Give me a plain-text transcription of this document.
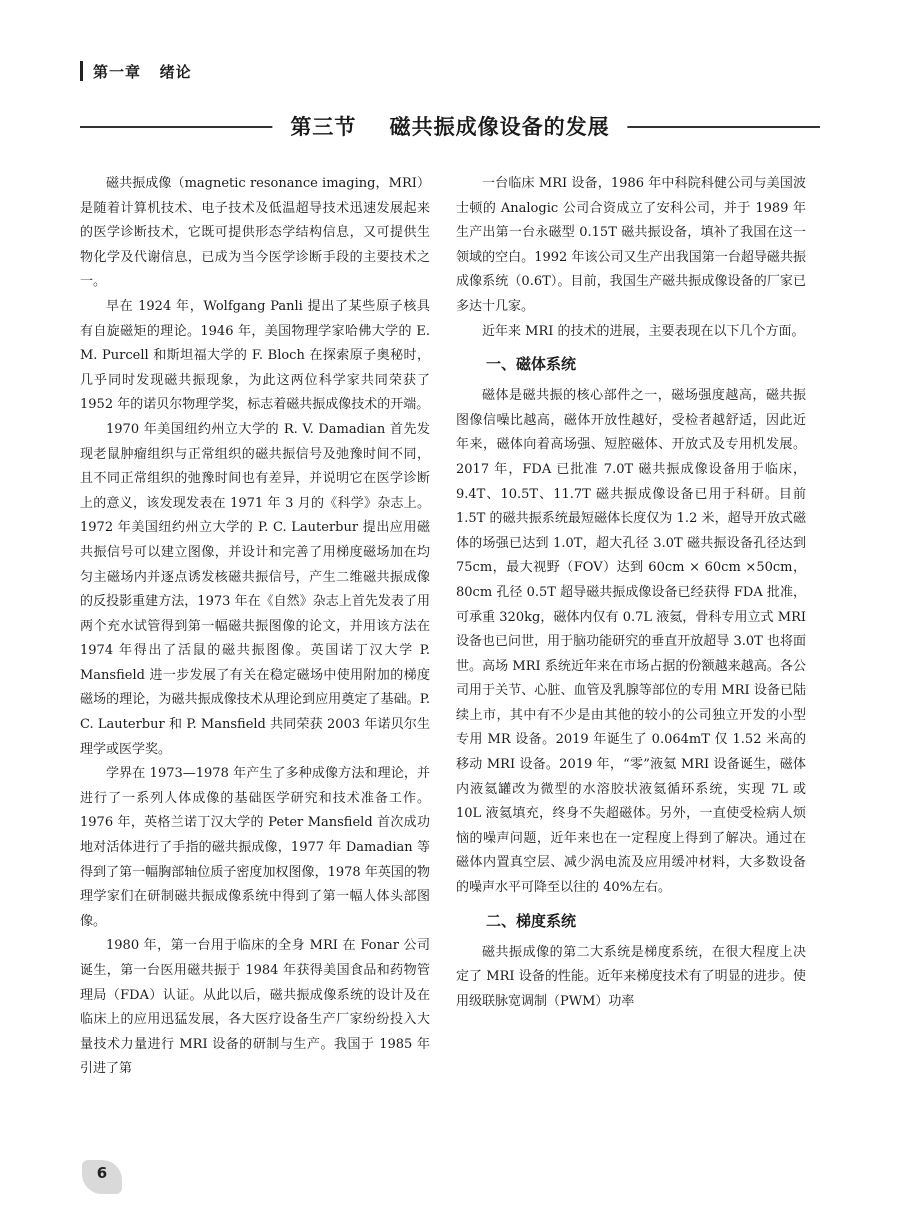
第一章   绪论
第三节    磁共振成像设备的发展

磁共振成像（magnetic resonance imaging，MRI）是随着计算机技术、电子技术及低温超导技术迅速发展起来的医学诊断技术，它既可提供形态学结构信息，又可提供生物化学及代谢信息，已成为当今医学诊断手段的主要技术之一。

早在 1924 年，Wolfgang Panli 提出了某些原子核具有自旋磁矩的理论。1946 年，美国物理学家哈佛大学的 E. M. Purcell 和斯坦福大学的 F. Bloch 在探索原子奥秘时，几乎同时发现磁共振现象，为此这两位科学家共同荣获了 1952 年的诺贝尔物理学奖，标志着磁共振成像技术的开端。

1970 年美国纽约州立大学的 R. V. Damadian 首先发现老鼠肿瘤组织与正常组织的磁共振信号及弛豫时间不同，且不同正常组织的弛豫时间也有差异，并说明它在医学诊断上的意义，该发现发表在 1971 年 3 月的《科学》杂志上。1972 年美国纽约州立大学的 P. C. Lauterbur 提出应用磁共振信号可以建立图像，并设计和完善了用梯度磁场加在均匀主磁场内并逐点诱发核磁共振信号，产生二维磁共振成像的反投影重建方法，1973 年在《自然》杂志上首先发表了用两个充水试管得到第一幅磁共振图像的论文，并用该方法在 1974 年得出了活鼠的磁共振图像。英国诺丁汉大学 P. Mansfield 进一步发展了有关在稳定磁场中使用附加的梯度磁场的理论，为磁共振成像技术从理论到应用奠定了基础。P. C. Lauterbur 和 P. Mansfield 共同荣获 2003 年诺贝尔生理学或医学奖。

学界在 1973—1978 年产生了多种成像方法和理论，并进行了一系列人体成像的基础医学研究和技术准备工作。1976 年，英格兰诺丁汉大学的 Peter Mansfield 首次成功地对活体进行了手指的磁共振成像，1977 年 Damadian 等得到了第一幅胸部轴位质子密度加权图像，1978 年英国的物理学家们在研制磁共振成像系统中得到了第一幅人体头部图像。

1980 年，第一台用于临床的全身 MRI 在 Fonar 公司诞生，第一台医用磁共振于 1984 年获得美国食品和药物管理局（FDA）认证。从此以后，磁共振成像系统的设计及在临床上的应用迅猛发展，各大医疗设备生产厂家纷纷投入大量技术力量进行 MRI 设备的研制与生产。我国于 1985 年引进了第

一台临床 MRI 设备，1986 年中科院科健公司与美国波士顿的 Analogic 公司合资成立了安科公司，并于 1989 年生产出第一台永磁型 0.15T 磁共振设备，填补了我国在这一领域的空白。1992 年该公司又生产出我国第一台超导磁共振成像系统（0.6T）。目前，我国生产磁共振成像设备的厂家已多达十几家。

近年来 MRI 的技术的进展，主要表现在以下几个方面。

一、磁体系统

磁体是磁共振的核心部件之一，磁场强度越高，磁共振图像信噪比越高，磁体开放性越好，受检者越舒适，因此近年来，磁体向着高场强、短腔磁体、开放式及专用机发展。2017 年，FDA 已批准 7.0T 磁共振成像设备用于临床，9.4T、10.5T、11.7T 磁共振成像设备已用于科研。目前 1.5T 的磁共振系统最短磁体长度仅为 1.2 米，超导开放式磁体的场强已达到 1.0T，超大孔径 3.0T 磁共振设备孔径达到 75cm，最大视野（FOV）达到 60cm × 60cm ×50cm，80cm 孔径 0.5T 超导磁共振成像设备已经获得 FDA 批准，可承重 320kg，磁体内仅有 0.7L 液氦，骨科专用立式 MRI 设备也已问世，用于脑功能研究的垂直开放超导 3.0T 也将面世。高场 MRI 系统近年来在市场占据的份额越来越高。各公司用于关节、心脏、血管及乳腺等部位的专用 MRI 设备已陆续上市，其中有不少是由其他的较小的公司独立开发的小型专用 MR 设备。2019 年诞生了 0.064mT 仅 1.52 米高的移动 MRI 设备。2019 年，“零”液氦 MRI 设备诞生，磁体内液氦罐改为微型的水溶胶状液氦循环系统，实现 7L 或 10L 液氦填充，终身不失超磁体。另外，一直使受检病人烦恼的噪声问题，近年来也在一定程度上得到了解决。通过在磁体内置真空层、减少涡电流及应用缓冲材料，大多数设备的噪声水平可降至以往的 40%左右。

二、梯度系统

磁共振成像的第二大系统是梯度系统，在很大程度上决定了 MRI 设备的性能。近年来梯度技术有了明显的进步。使用级联脉宽调制（PWM）功率

6
